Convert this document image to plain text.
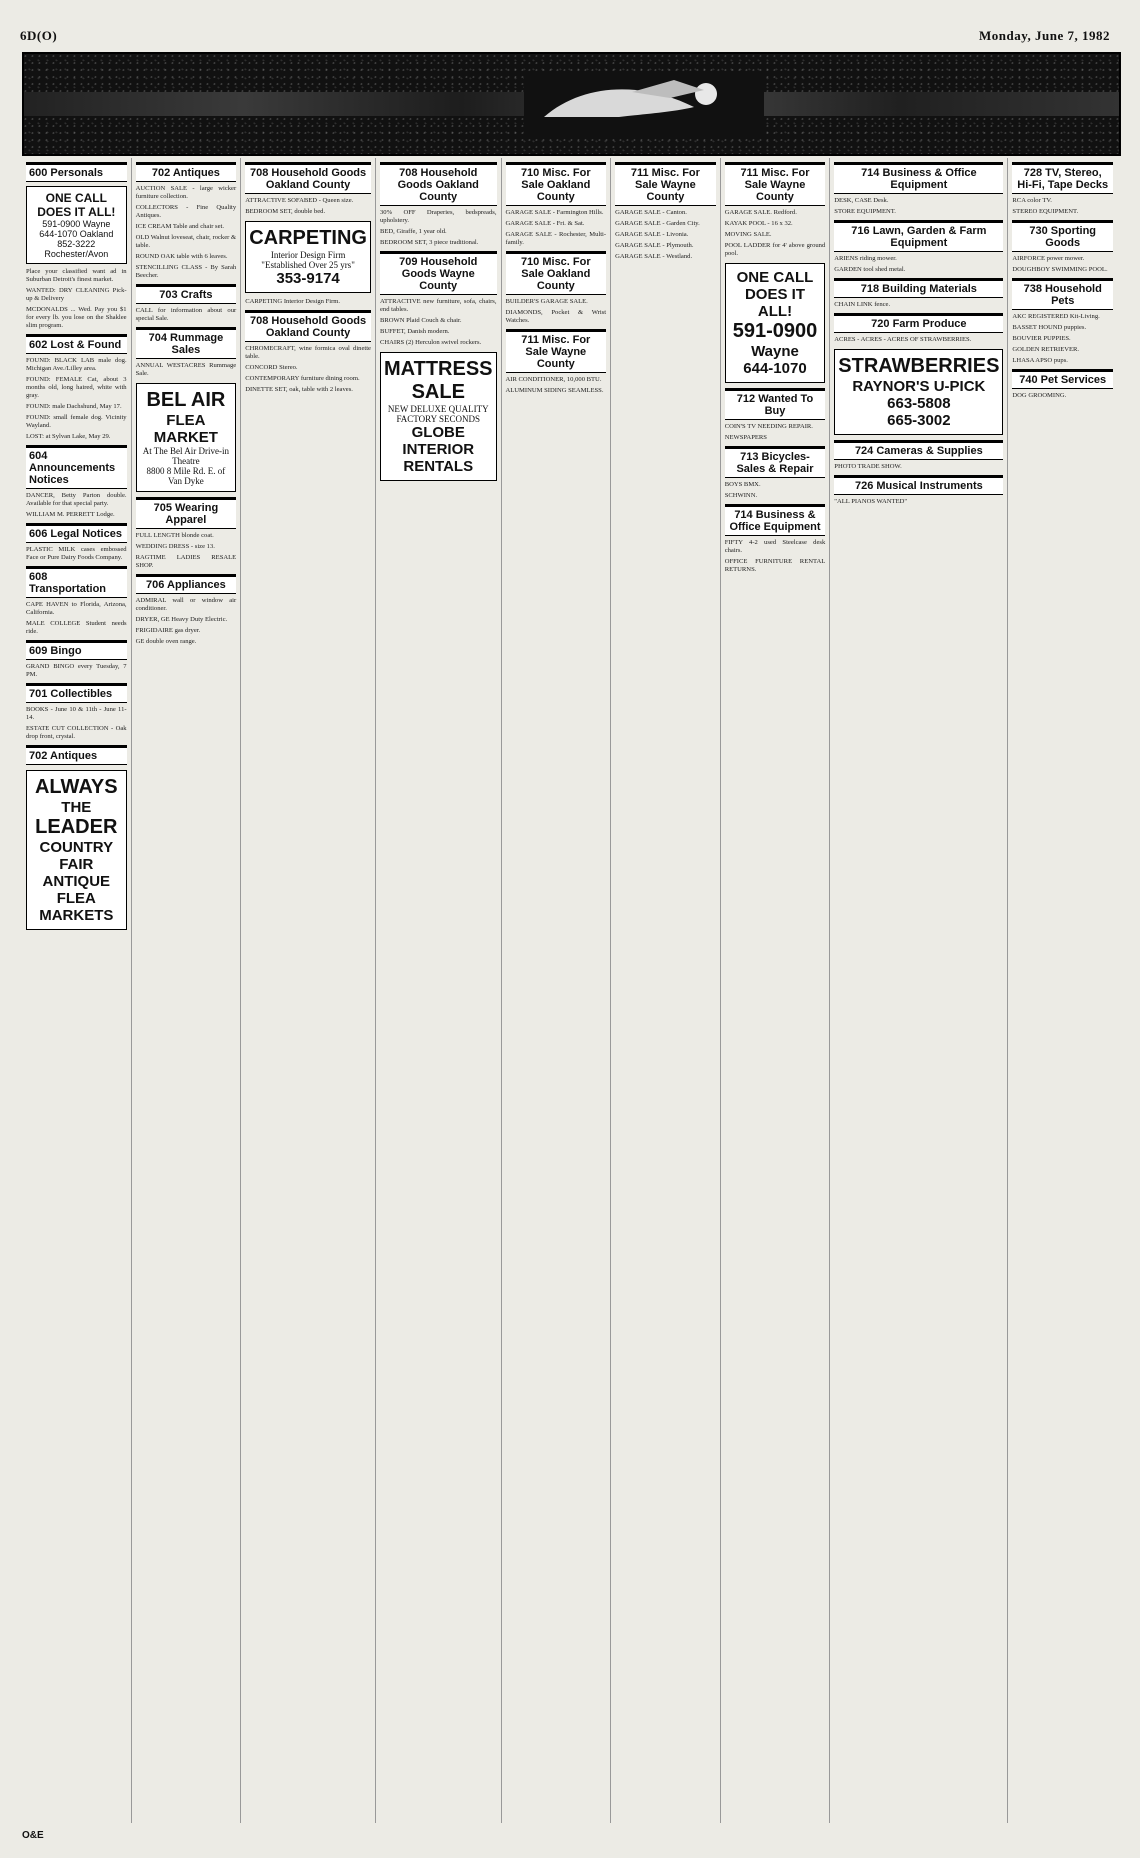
6D(O)	Monday, June 7, 1982
600 Personals
ONE CALL DOES IT ALL!
591-0900 Wayne
644-1070 Oakland
852-3222 Rochester/Avon
Place your classified want ad in Suburban Detroit's finest market.
WANTED: DRY CLEANING Pick-up & Delivery
MCDONALDS ... Wed. Pay you $1 for every lb. you lose on the Shaklee slim program.
602 Lost & Found
FOUND: BLACK LAB male dog. Michigan Ave./Lilley area.
FOUND: FEMALE Cat, about 3 months old, long haired, white with gray.
FOUND: male Dachshund, May 17.
FOUND: small female dog. Vicinity Wayland.
LOST: at Sylvan Lake, May 29.
604 Announcements Notices
DANCER, Betty Parton double. Available for that special party.
WILLIAM M. PERRETT Lodge.
606 Legal Notices
PLASTIC MILK cases embossed Face or Pure Dairy Foods Company.
608 Transportation
CAPE HAVEN to Florida, Arizona, California.
MALE COLLEGE Student needs ride.
609 Bingo
GRAND BINGO every Tuesday, 7 PM.
701 Collectibles
BOOKS - June 10 & 11th - June 11-14.
ESTATE CUT COLLECTION - Oak drop front, crystal.
702 Antiques
ALWAYS
THE
LEADER
COUNTRY FAIR
ANTIQUE
FLEA MARKETS
702 Antiques
AUCTION SALE - large wicker furniture collection.
COLLECTORS - Fine Quality Antiques.
ICE CREAM Table and chair set.
OLD Walnut loveseat, chair, rocker & table.
ROUND OAK table with 6 leaves.
STENCILLING CLASS - By Sarah Beecher.
703 Crafts
CALL for information about our special Sale.
704 Rummage Sales
ANNUAL WESTACRES Rummage Sale.
BEL AIR
FLEA MARKET
At The Bel Air Drive-in Theatre
8800 8 Mile Rd. E. of Van Dyke
705 Wearing Apparel
FULL LENGTH blonde coat.
WEDDING DRESS - size 13.
RAGTIME LADIES RESALE SHOP.
706 Appliances
ADMIRAL wall or window air conditioner.
DRYER, GE Heavy Duty Electric.
FRIGIDAIRE gas dryer.
GE double oven range.
708 Household Goods Oakland County
ATTRACTIVE SOFABED - Queen size.
BEDROOM SET, double bed.
CARPETING
Interior Design Firm
"Established Over 25 yrs"
353-9174
CARPETING Interior Design Firm.
708 Household Goods Oakland County
CHROMECRAFT, wine formica oval dinette table.
CONCORD Stereo.
CONTEMPORARY furniture dining room.
DINETTE SET, oak, table with 2 leaves.
708 Household Goods Oakland County
30% OFF Draperies, bedspreads, upholstery.
BED, Giraffe, 1 year old.
BEDROOM SET, 3 piece traditional.
709 Household Goods Wayne County
ATTRACTIVE new furniture, sofa, chairs, end tables.
BROWN Plaid Couch & chair.
BUFFET, Danish modern.
CHAIRS (2) Herculon swivel rockers.
MATTRESS SALE
NEW DELUXE QUALITY FACTORY SECONDS
GLOBE
INTERIOR RENTALS
710 Misc. For Sale Oakland County
GARAGE SALE - Farmington Hills.
GARAGE SALE - Fri. & Sat.
GARAGE SALE - Rochester, Multi-family.
710 Misc. For Sale Oakland County
BUILDER'S GARAGE SALE.
DIAMONDS, Pocket & Wrist Watches.
711 Misc. For Sale Wayne County
AIR CONDITIONER, 10,000 BTU.
ALUMINUM SIDING SEAMLESS.
711 Misc. For Sale Wayne County
GARAGE SALE - Canton.
GARAGE SALE - Garden City.
GARAGE SALE - Livonia.
GARAGE SALE - Plymouth.
GARAGE SALE - Westland.
711 Misc. For Sale Wayne County
GARAGE SALE. Redford.
KAYAK POOL - 16 x 32.
MOVING SALE.
POOL LADDER for 4' above ground pool.
ONE CALL DOES IT ALL!
591-0900
Wayne
644-1070
712 Wanted To Buy
COIN'S TV NEEDING REPAIR.
NEWSPAPERS
713 Bicycles-Sales & Repair
BOYS BMX.
SCHWINN.
714 Business & Office Equipment
FIFTY 4-2 used Steelcase desk chairs.
OFFICE FURNITURE RENTAL RETURNS.
714 Business & Office Equipment
DESK, CASE Desk.
STORE EQUIPMENT.
716 Lawn, Garden & Farm Equipment
ARIENS riding mower.
GARDEN tool shed metal.
718 Building Materials
CHAIN LINK fence.
720 Farm Produce
ACRES - ACRES - ACRES OF STRAWBERRIES.
STRAWBERRIES
RAYNOR'S U-PICK
663-5808
665-3002
724 Cameras & Supplies
PHOTO TRADE SHOW.
726 Musical Instruments
"ALL PIANOS WANTED"
728 TV, Stereo, Hi-Fi, Tape Decks
RCA color TV.
STEREO EQUIPMENT.
730 Sporting Goods
AIRFORCE power mower.
DOUGHBOY SWIMMING POOL.
738 Household Pets
AKC REGISTERED Kit-Living.
BASSET HOUND puppies.
BOUVIER PUPPIES.
GOLDEN RETRIEVER.
LHASA APSO pups.
740 Pet Services
DOG GROOMING.
O&E
